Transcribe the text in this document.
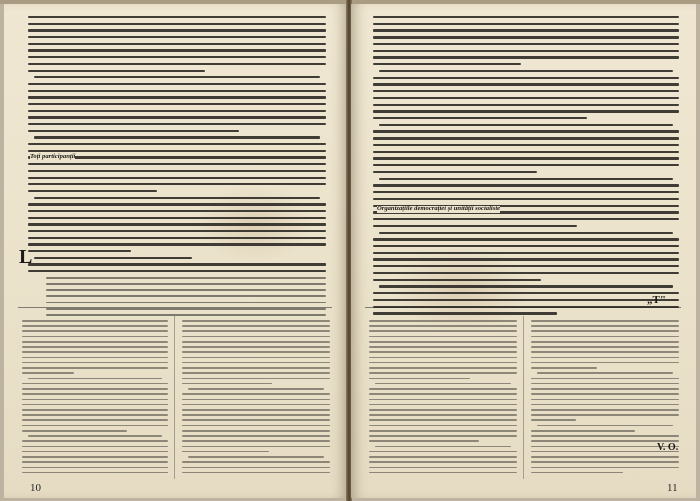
Toți participanții
L
10
Organizațiile democrației și unității socialiste
„T"
V. O.
11
